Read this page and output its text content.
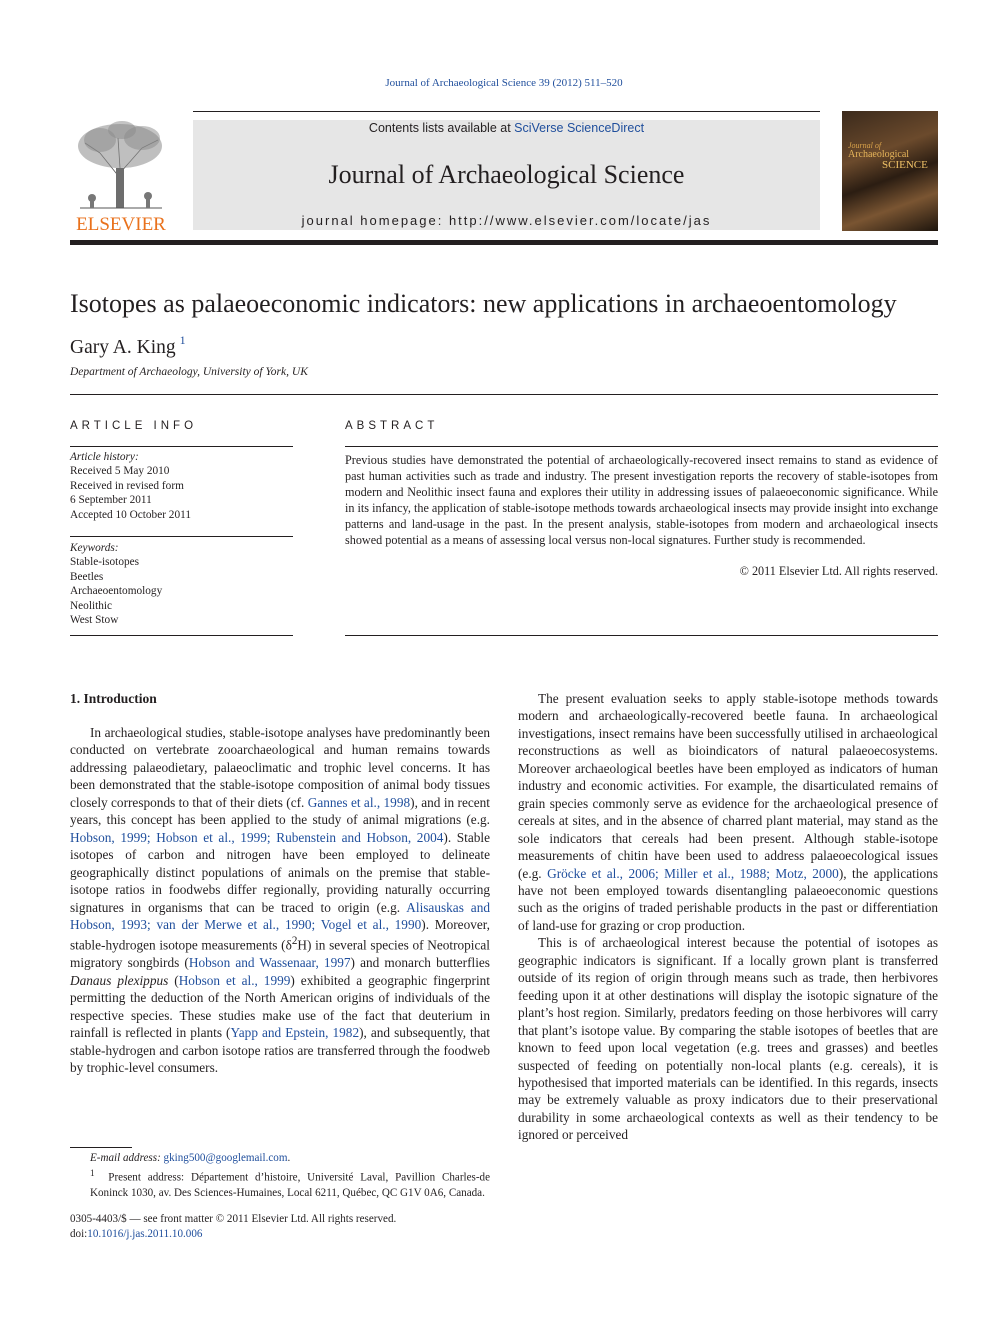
Journal of Archaeological Science 39 (2012) 511–520
ELSEVIER
Contents lists available at SciVerse ScienceDirect
Journal of Archaeological Science
journal homepage: http://www.elsevier.com/locate/jas
Journal of
Archaeological
SCIENCE
Isotopes as palaeoeconomic indicators: new applications in archaeoentomology
Gary A. King $^1$
Department of Archaeology, University of York, UK
ARTICLE INFO
Article history:
Received 5 May 2010
Received in revised form
6 September 2011
Accepted 10 October 2011
Keywords:
Stable-isotopes
Beetles
Archaeoentomology
Neolithic
West Stow
ABSTRACT
Previous studies have demonstrated the potential of archaeologically-recovered insect remains to stand as evidence of past human activities such as trade and industry. The present investigation reports the recovery of stable-isotopes from modern and Neolithic insect fauna and explores their utility in addressing issues of palaeoeconomic significance. While in its infancy, the application of stable-isotope methods towards archaeological insects may provide insight into exchange patterns and land-usage in the past. In the present analysis, stable-isotopes from modern and archaeological insects showed potential as a means of assessing local versus non-local signatures. Further study is recommended.
© 2011 Elsevier Ltd. All rights reserved.
1. Introduction

In archaeological studies, stable-isotope analyses have predominantly been conducted on vertebrate zooarchaeological and human remains towards addressing palaeodietary, palaeoclimatic and trophic level concerns. It has been demonstrated that the stable-isotope composition of animal body tissues closely corresponds to that of their diets (cf. Gannes et al., 1998), and in recent years, this concept has been applied to the study of animal migrations (e.g. Hobson, 1999; Hobson et al., 1999; Rubenstein and Hobson, 2004). Stable isotopes of carbon and nitrogen have been employed to delineate geographically distinct populations of animals on the premise that stable-isotope ratios in foodwebs differ regionally, providing naturally occurring signatures in organisms that can be traced to origin (e.g. Alisauskas and Hobson, 1993; van der Merwe et al., 1990; Vogel et al., 1990). Moreover, stable-hydrogen isotope measurements $(\delta^2H)$ in several species of Neotropical migratory songbirds (Hobson and Wassenaar, 1997) and monarch butterflies Danaus plexippus (Hobson et al., 1999) exhibited a geographic fingerprint permitting the deduction of the North American origins of individuals of the respective species. These studies make use of the fact that deuterium in rainfall is reflected in plants (Yapp and Epstein, 1982), and subsequently, that stable-hydrogen and carbon isotope ratios are transferred through the foodweb by trophic-level consumers.

The present evaluation seeks to apply stable-isotope methods towards modern and archaeologically-recovered beetle fauna. In archaeological investigations, insect remains have been successfully utilised in archaeological reconstructions as well as bioindicators of natural palaeoecosystems. Moreover archaeological beetles have been employed as indicators of human industry and economic activities. For example, the disarticulated remains of grain species commonly serve as evidence for the archaeological presence of cereals at sites, and in the absence of charred plant material, may stand as the sole indicators that cereals had been present. Although stable-isotope measurements of chitin have been used to address palaeoecological issues (e.g. Gröcke et al., 2006; Miller et al., 1988; Motz, 2000), the applications have not been employed towards disentangling palaeoeconomic questions such as the origins of traded perishable products in the past or differentiation of land-use for grazing or crop production.

This is of archaeological interest because the potential of isotopes as geographic indicators is significant. If a locally grown plant is transferred outside of its region of origin through means such as trade, then herbivores feeding upon it at other destinations will display the isotopic signature of the plant’s host region. Similarly, predators feeding on those herbivores will carry that plant’s isotope value. By comparing the stable isotopes of beetles that are known to feed upon local vegetation (e.g. trees and grasses) and beetles suspected of feeding on potentially non-local plants (e.g. cereals), it is hypothesised that imported materials can be identified. In this regards, insects may be extremely valuable as proxy indicators due to their preservational durability in some archaeological contexts as well as their tendency to be ignored or perceived

E-mail address: gking500@googlemail.com.
$^1$ Present address: Département d’histoire, Université Laval, Pavillion Charles-de Koninck 1030, av. Des Sciences-Humaines, Local 6211, Québec, QC G1V 0A6, Canada.
0305-4403/$ — see front matter © 2011 Elsevier Ltd. All rights reserved.
doi:10.1016/j.jas.2011.10.006
